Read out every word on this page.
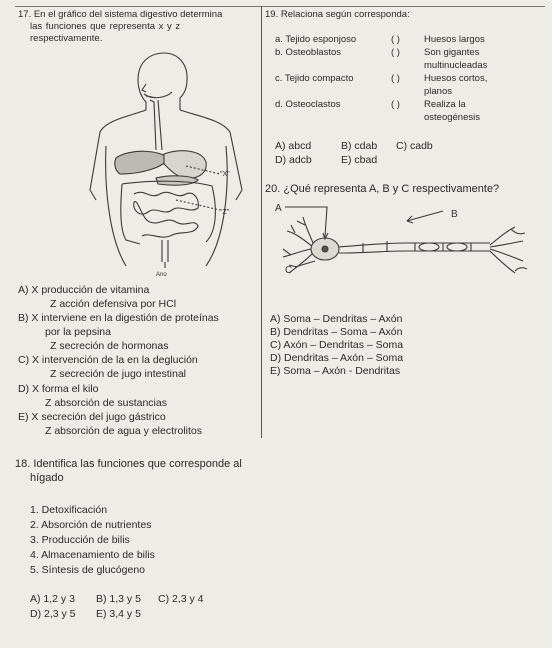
17. En el gráfico del sistema digestivo determina
las funciones que representa x y z
respectivamente.
"X"
"Z"
Ano
A) X producción de vitamina
Z acción defensiva por HCl
B) X interviene en la digestión de proteínas
por la pepsina
Z secreción de hormonas
C) X intervención de la en la deglución
Z secreción de jugo intestinal
D) X forma el kilo
Z absorción de sustancias
E) X secreción del jugo gástrico
Z absorción de agua y electrolitos
18. Identifica las funciones que corresponde al
hígado
1. Detoxificación
2. Absorción de nutrientes
3. Producción de bilis
4. Almacenamiento de bilis
5. Síntesis de glucógeno
A) 1,2 y 3 B) 1,3 y 5 C) 2,3 y 4
D) 2,3 y 5 E) 3,4 y 5
19. Relaciona según corresponda:
a. Tejido esponjoso	( )	Huesos largos
b. Osteoblastos	( )	Son gigantes
multinucleadas
c. Tejido compacto	( )	Huesos cortos,
planos
d. Osteoclastos	( )	Realiza la
osteogénesis
A) abcd	B) cdab C) cadb
D) adcb	E) cbad
20. ¿Qué representa A, B y C respectivamente?
A
B
C
A) Soma – Dendritas – Axón
B) Dendritas – Soma – Axón
C) Axón – Dendritas – Soma
D) Dendritas – Axón – Soma
E) Soma – Axón - Dendritas
